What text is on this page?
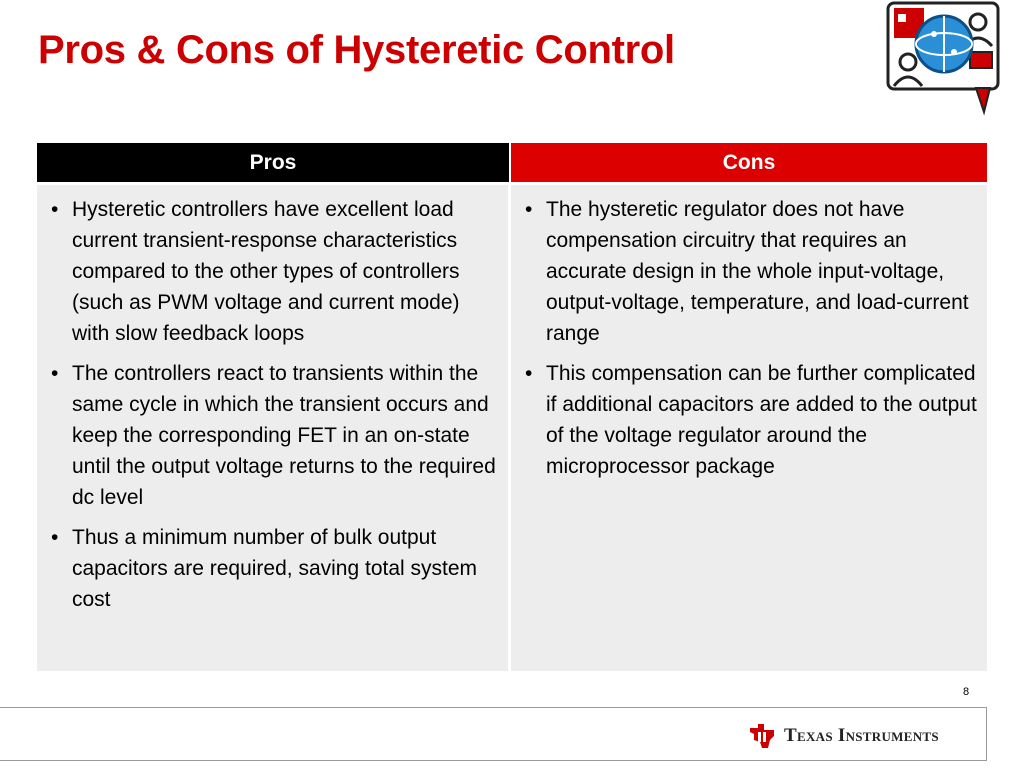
Pros & Cons of Hysteretic Control
Pros	Cons
• Hysteretic controllers have excellent load current transient-response characteristics compared to the other types of controllers (such as PWM voltage and current mode) with slow feedback loops
• The controllers react to transients within the same cycle in which the transient occurs and keep the corresponding FET in an on-state until the output voltage returns to the required dc level
• Thus a minimum number of bulk output capacitors are required, saving total system cost
• The hysteretic regulator does not have compensation circuitry that requires an accurate design in the whole input-voltage, output-voltage, temperature, and load-current range
• This compensation can be further complicated if additional capacitors are added to the output of the voltage regulator around the microprocessor package
8
Texas Instruments
